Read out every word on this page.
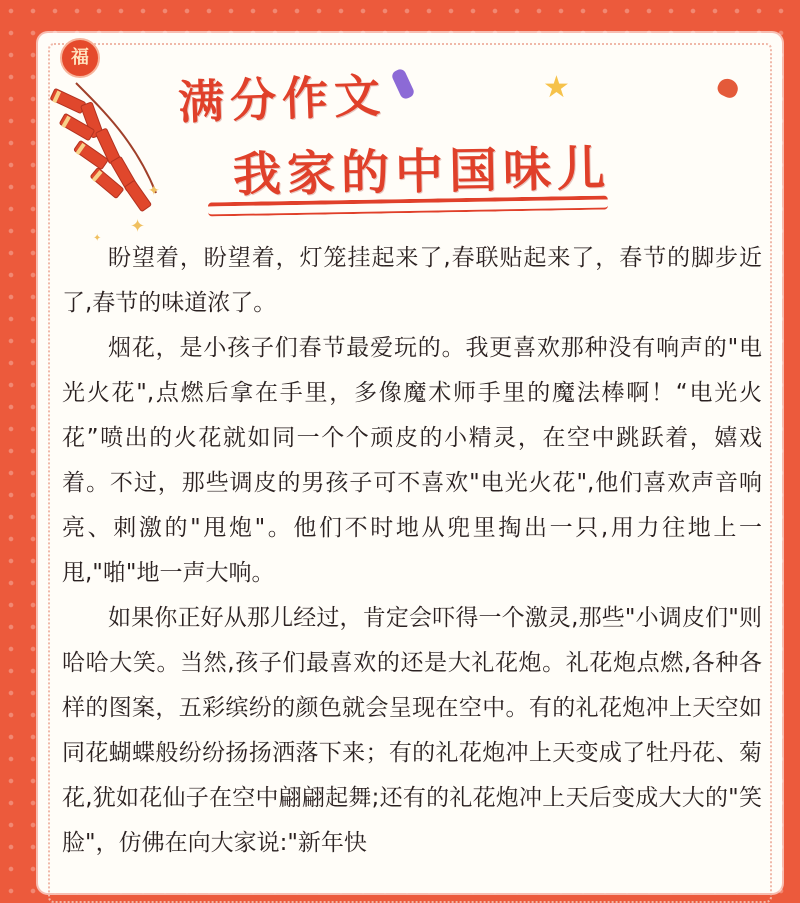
福
✦
✦
✦
满分作文	★
我家的中国味儿

盼望着，盼望着，灯笼挂起来了,春联贴起来了，春节的脚步近了,春节的味道浓了。

烟花，是小孩子们春节最爱玩的。我更喜欢那种没有响声的"电光火花",点燃后拿在手里，多像魔术师手里的魔法棒啊！“电光火花”喷出的火花就如同一个个顽皮的小精灵，在空中跳跃着，嬉戏着。不过，那些调皮的男孩子可不喜欢"电光火花",他们喜欢声音响亮、刺激的"甩炮"。他们不时地从兜里掏出一只,用力往地上一甩,"啪"地一声大响。

如果你正好从那儿经过，肯定会吓得一个激灵,那些"小调皮们"则哈哈大笑。当然,孩子们最喜欢的还是大礼花炮。礼花炮点燃,各种各样的图案，五彩缤纷的颜色就会呈现在空中。有的礼花炮冲上天空如同花蝴蝶般纷纷扬扬洒落下来；有的礼花炮冲上天变成了牡丹花、菊花,犹如花仙子在空中翩翩起舞;还有的礼花炮冲上天后变成大大的"笑脸"，仿佛在向大家说:"新年快
